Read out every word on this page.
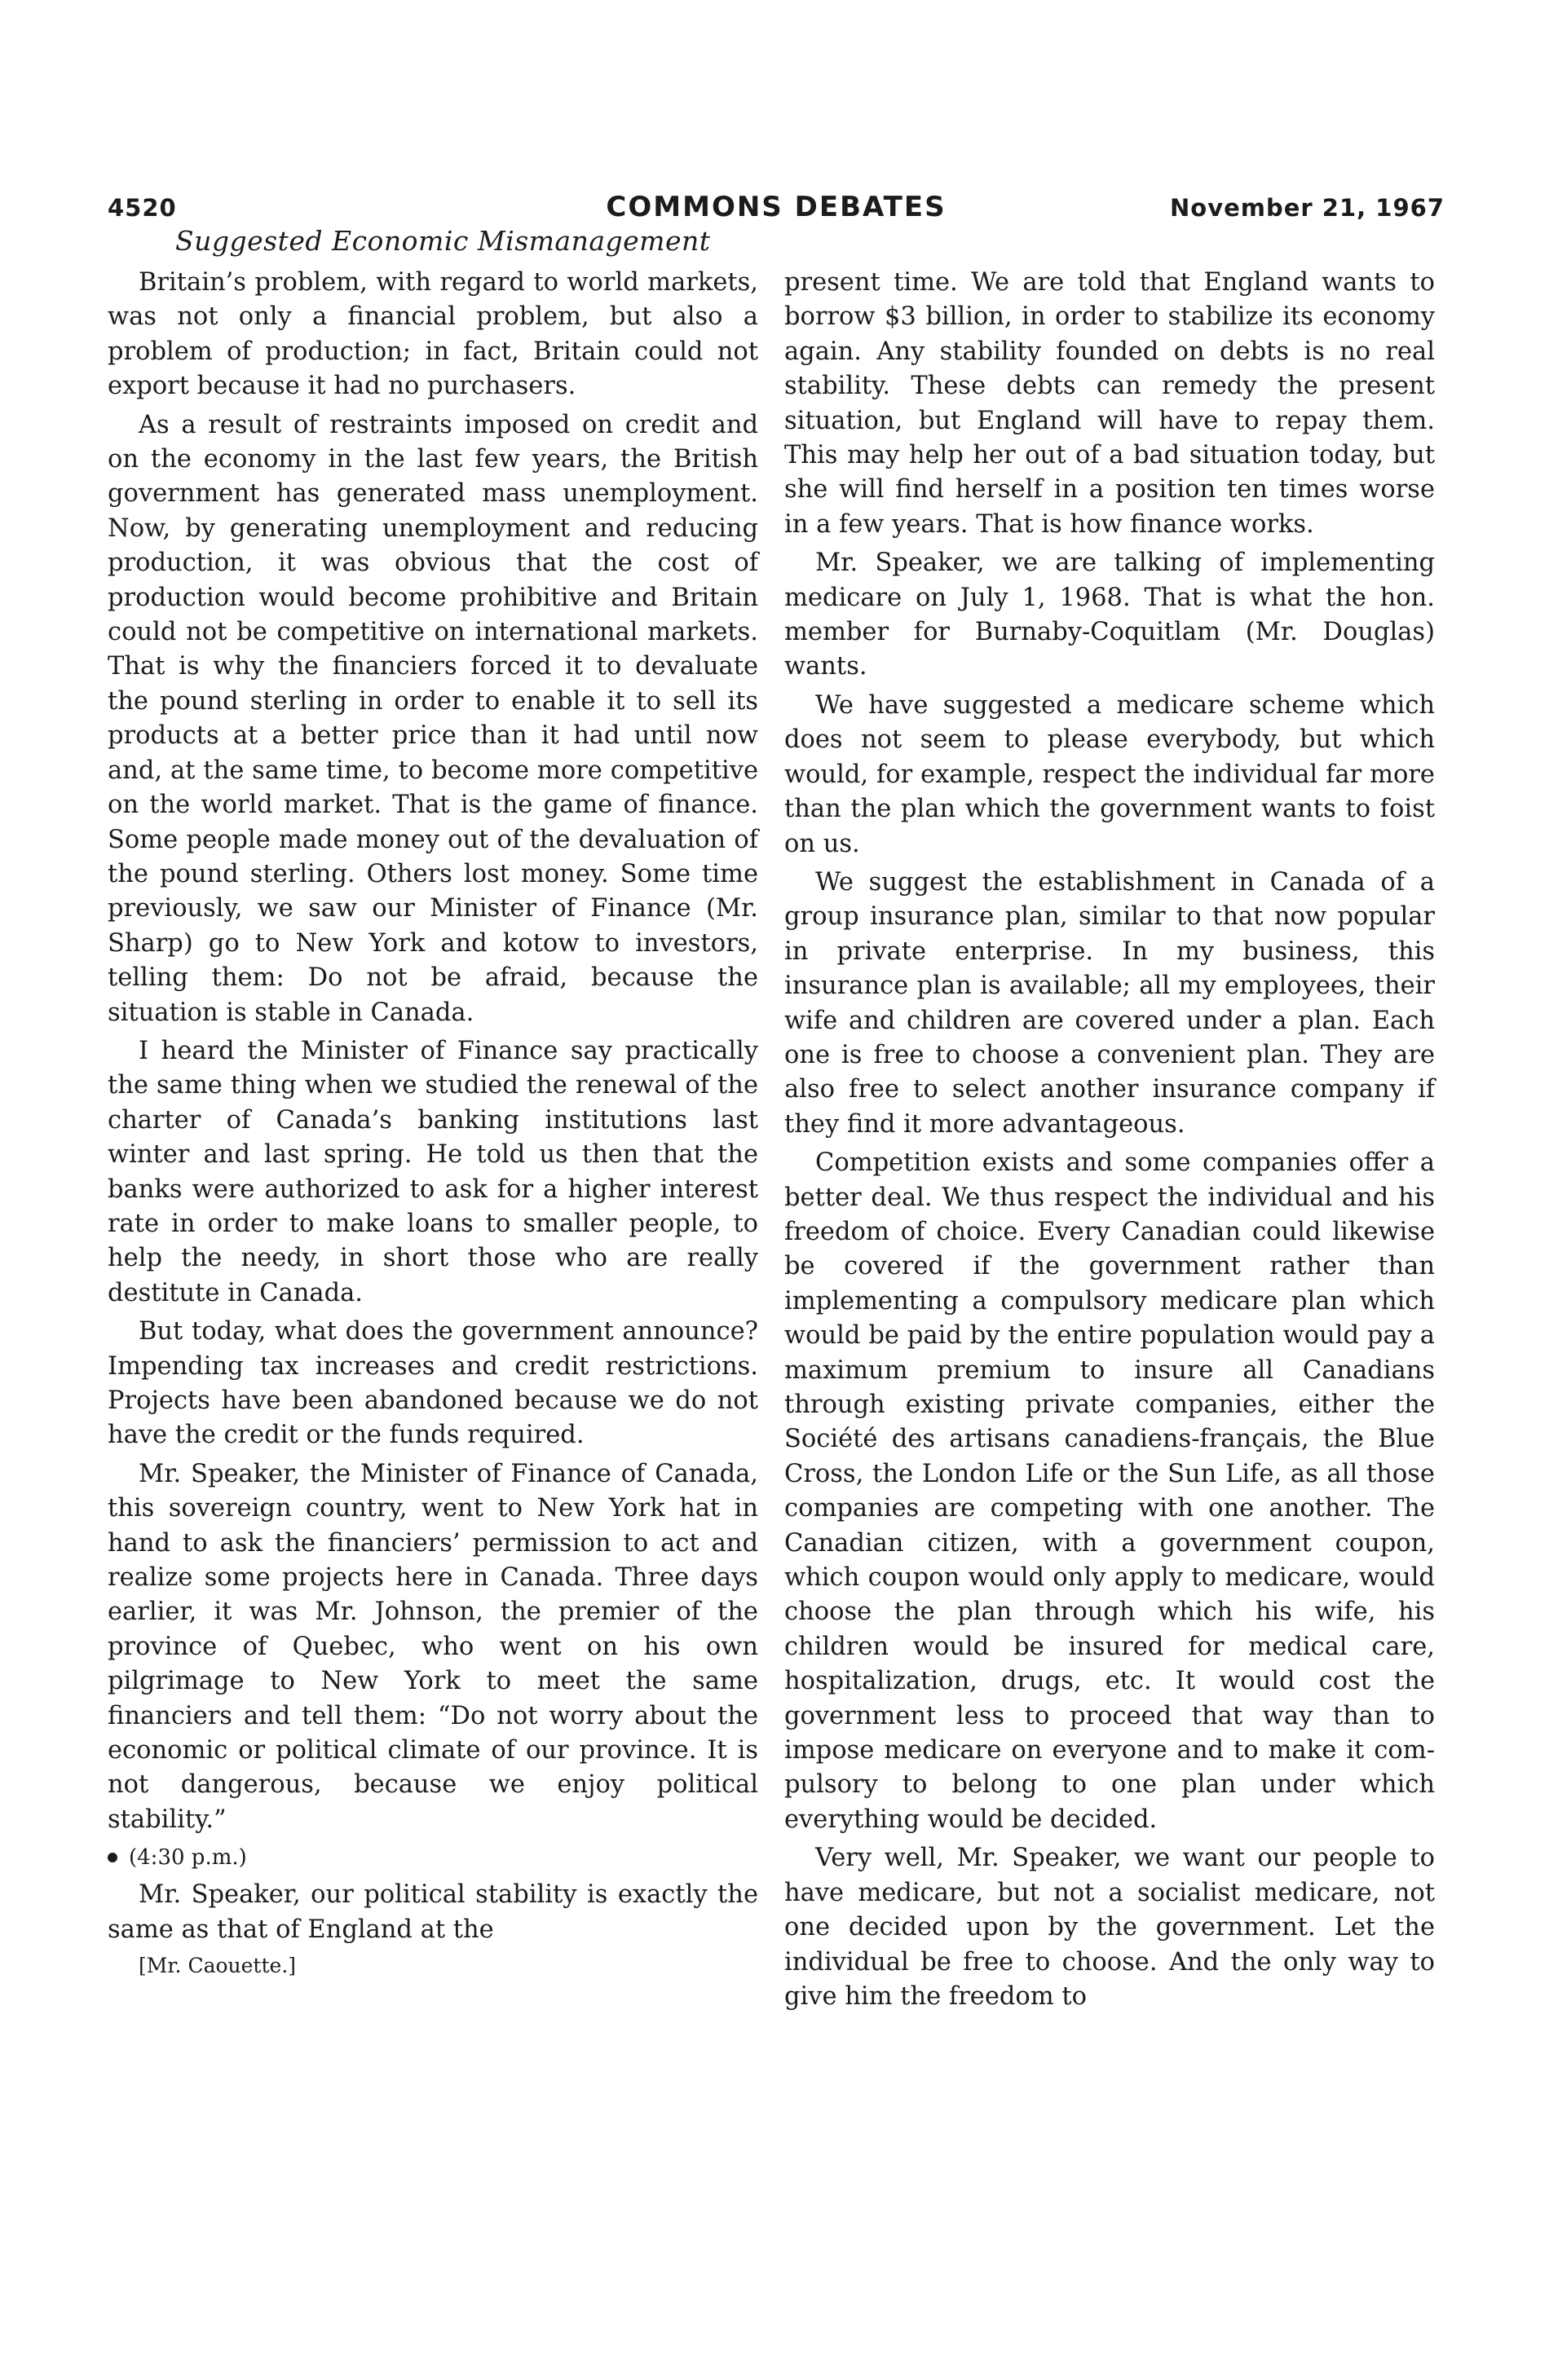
4520	COMMONS DEBATES	November 21, 1967
Suggested Economic Mismanagement

Britain’s problem, with regard to world markets, was not only a financial problem, but also a problem of production; in fact, Britain could not export because it had no purchasers.

As a result of restraints imposed on credit and on the economy in the last few years, the British government has generated mass unemployment. Now, by generating unemployment and reducing production, it was obvious that the cost of production would become prohibitive and Britain could not be competitive on international markets. That is why the financiers forced it to devaluate the pound sterling in order to enable it to sell its products at a better price than it had until now and, at the same time, to become more competitive on the world market. That is the game of finance. Some people made money out of the devaluation of the pound sterling. Others lost money. Some time previously, we saw our Minister of Finance (Mr. Sharp) go to New York and kotow to investors, telling them: Do not be afraid, because the situation is stable in Canada.

I heard the Minister of Finance say practically the same thing when we studied the renewal of the charter of Canada’s banking institutions last winter and last spring. He told us then that the banks were authorized to ask for a higher interest rate in order to make loans to smaller people, to help the needy, in short those who are really destitute in Canada.

But today, what does the government announce? Impending tax increases and credit restrictions. Projects have been abandoned because we do not have the credit or the funds required.

Mr. Speaker, the Minister of Finance of Canada, this sovereign country, went to New York hat in hand to ask the financiers’ permission to act and realize some projects here in Canada. Three days earlier, it was Mr. Johnson, the premier of the province of Quebec, who went on his own pilgrimage to New York to meet the same financiers and tell them: “Do not worry about the economic or political climate of our province. It is not dangerous, because we enjoy political stability.”

(4:30 p.m.)

Mr. Speaker, our political stability is exactly the same as that of England at the

[Mr. Caouette.]

present time. We are told that England wants to borrow $3 billion, in order to stabilize its economy again. Any stability founded on debts is no real stability. These debts can remedy the present situation, but England will have to repay them. This may help her out of a bad situation today, but she will find herself in a position ten times worse in a few years. That is how finance works.

Mr. Speaker, we are talking of implementing medicare on July 1, 1968. That is what the hon. member for Burnaby-Coquitlam (Mr. Douglas) wants.

We have suggested a medicare scheme which does not seem to please everybody, but which would, for example, respect the individual far more than the plan which the government wants to foist on us.

We suggest the establishment in Canada of a group insurance plan, similar to that now popular in private enterprise. In my business, this insurance plan is available; all my employees, their wife and children are covered under a plan. Each one is free to choose a convenient plan. They are also free to select another insurance company if they find it more advantageous.

Competition exists and some companies offer a better deal. We thus respect the individual and his freedom of choice. Every Canadian could likewise be covered if the government rather than implementing a compulsory medicare plan which would be paid by the entire population would pay a maximum premium to insure all Canadians through existing private companies, either the Société des artisans canadiens-français, the Blue Cross, the London Life or the Sun Life, as all those companies are competing with one another. The Canadian citizen, with a government coupon, which coupon would only apply to medicare, would choose the plan through which his wife, his children would be insured for medical care, hospitalization, drugs, etc. It would cost the government less to proceed that way than to impose medicare on everyone and to make it compulsory to belong to one plan under which everything would be decided.

Very well, Mr. Speaker, we want our people to have medicare, but not a socialist medicare, not one decided upon by the government. Let the individual be free to choose. And the only way to give him the freedom to
